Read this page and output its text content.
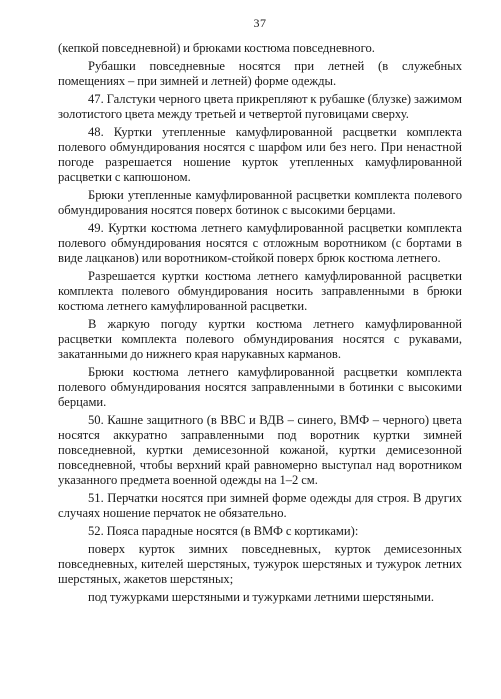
37

(кепкой повседневной) и брюками костюма повседневного.

Рубашки повседневные носятся при летней (в служебных помещениях – при зимней и летней) форме одежды.

47. Галстуки черного цвета прикрепляют к рубашке (блузке) зажимом золотистого цвета между третьей и четвертой пуговицами сверху.

48. Куртки утепленные камуфлированной расцветки комплекта полевого обмундирования носятся с шарфом или без него. При ненастной погоде разрешается ношение курток утепленных камуфлированной расцветки с капюшоном.

Брюки утепленные камуфлированной расцветки комплекта полевого обмундирования носятся поверх ботинок с высокими берцами.

49. Куртки костюма летнего камуфлированной расцветки комплекта полевого обмундирования носятся с отложным воротником (с бортами в виде лацканов) или воротником-стойкой поверх брюк костюма летнего.

Разрешается куртки костюма летнего камуфлированной расцветки комплекта полевого обмундирования носить заправленными в брюки костюма летнего камуфлированной расцветки.

В жаркую погоду куртки костюма летнего камуфлированной расцветки комплекта полевого обмундирования носятся с рукавами, закатанными до нижнего края нарукавных карманов.

Брюки костюма летнего камуфлированной расцветки комплекта полевого обмундирования носятся заправленными в ботинки с высокими берцами.

50. Кашне защитного (в ВВС и ВДВ – синего, ВМФ – черного) цвета носятся аккуратно заправленными под воротник куртки зимней повседневной, куртки демисезонной кожаной, куртки демисезонной повседневной, чтобы верхний край равномерно выступал над воротником указанного предмета военной одежды на 1–2 см.

51. Перчатки носятся при зимней форме одежды для строя. В других случаях ношение перчаток не обязательно.

52. Пояса парадные носятся (в ВМФ с кортиками):

поверх курток зимних повседневных, курток демисезонных повседневных, кителей шерстяных, тужурок шерстяных и тужурок летних шерстяных, жакетов шерстяных;

под тужурками шерстяными и тужурками летними шерстяными.
